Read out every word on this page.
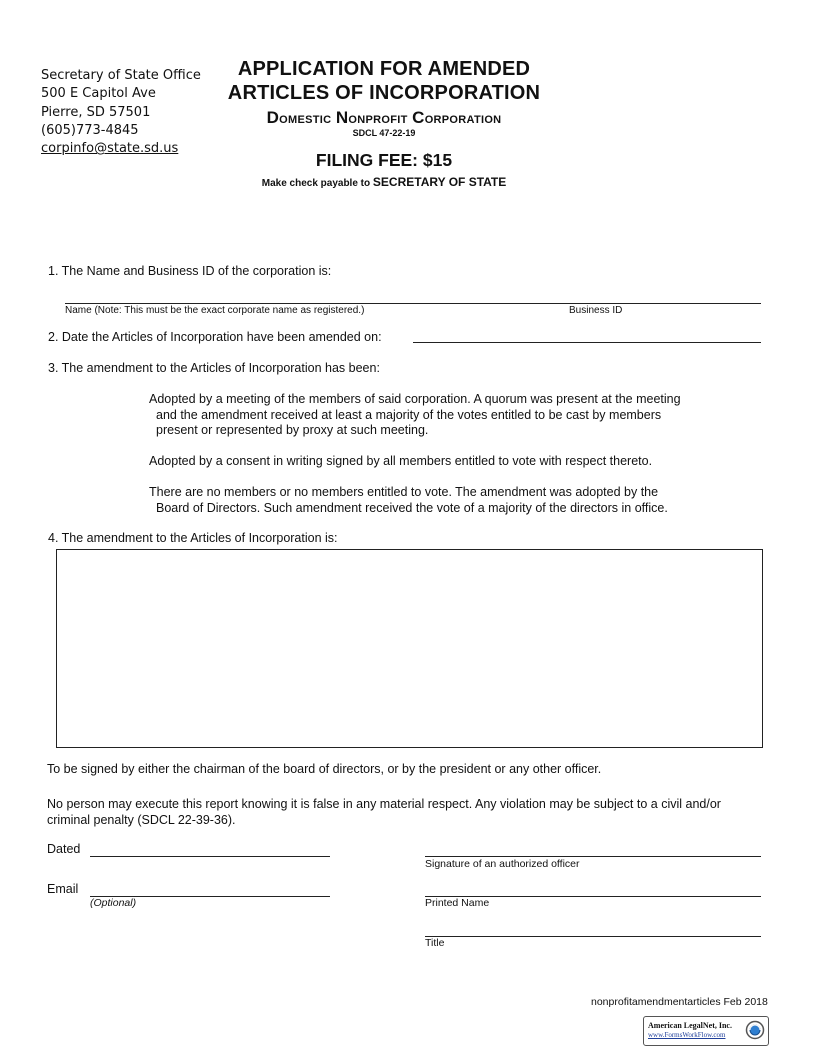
Secretary of State Office
500 E Capitol Ave
Pierre, SD 57501
(605)773-4845
corpinfo@state.sd.us
APPLICATION FOR AMENDED
ARTICLES OF INCORPORATION
Domestic Nonprofit Corporation
SDCL 47-22-19
FILING FEE: $15
Make check payable to SECRETARY OF STATE
1. The Name and Business ID of the corporation is:
Name (Note: This must be the exact corporate name as registered.)	Business ID
2. Date the Articles of Incorporation have been amended on:
3. The amendment to the Articles of Incorporation has been:
Adopted by a meeting of the members of said corporation. A quorum was present at the meeting
and the amendment received at least a majority of the votes entitled to be cast by members
present or represented by proxy at such meeting.
Adopted by a consent in writing signed by all members entitled to vote with respect thereto.
There are no members or no members entitled to vote. The amendment was adopted by the
Board of Directors. Such amendment received the vote of a majority of the directors in office.
4. The amendment to the Articles of Incorporation is:
To be signed by either the chairman of the board of directors, or by the president or any other officer.
No person may execute this report knowing it is false in any material respect. Any violation may be subject to a civil and/or
criminal penalty (SDCL 22-39-36).
Dated
Signature of an authorized officer
Email
(Optional)	Printed Name
Title
nonprofitamendmentarticles Feb 2018
American LegalNet, Inc.
www.FormsWorkFlow.com
